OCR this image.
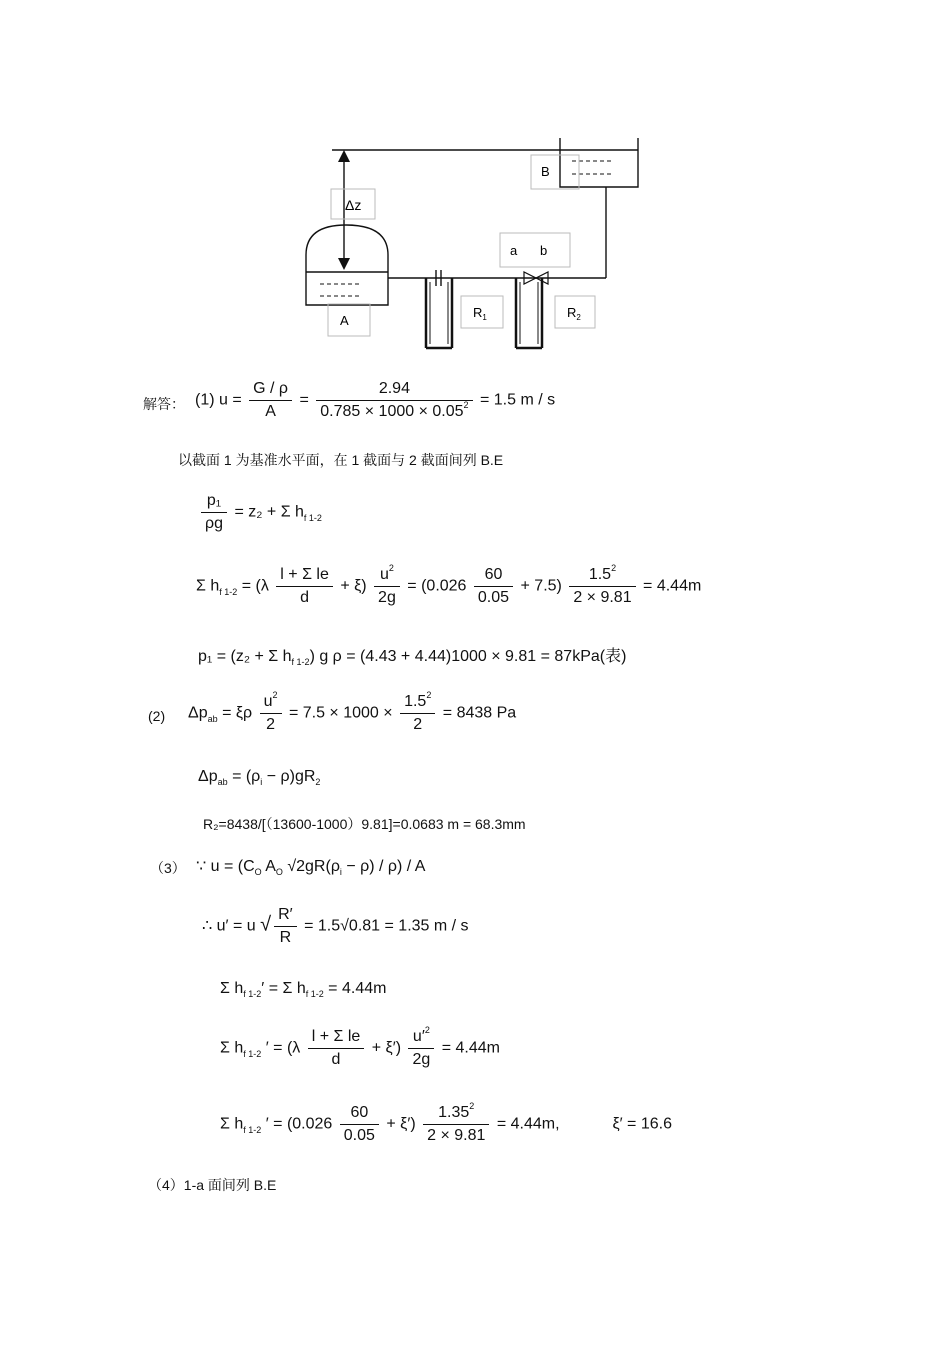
Δz
A
$R_1$
a b
$R_2$
B
解答： (1) $u = \frac{G / \rho}{A} = \frac{2.94}{0.785 \times 1000 \times 0.05^2} = 1.5$ m / s
以截面 1 为基准水平面，在 1 截面与 2 截面间列 B.E
$\frac{\text{p₁}}{\rho g} = z_2 + \Sigma$ $h_{f 1-2}$
Σ $h_{f 1-2} = (\lambda \frac{\text{l + Σ le}}{d} + \xi) \frac{u^2}{2g} = (0.026 \frac{60}{0.05} + 7.5) \frac{1.5^2}{2 \times 9.81} = 4.44m$
p₁ = (z₂ + Σ $h_{f 1-2}$) g ρ = (4.43 + 4.44)1000 × 9.81 = 87kPa(表)
(2) $\Delta p_{ab} = \xi\rho \frac{u^2}{2} = 7.5 \times 1000 \times \frac{1.5^2}{2} = 8438$ Pa
$\Delta p_{ab} = (\rho_i - \rho)gR_2$
R₂=8438/[（13600-1000）9.81]=0.0683 m = 68.3mm
（3） ∵ $u = (C_O$ $A_O$ $√2gR(\rho_i - \rho) / \rho) / A$
∴ u′ = u √ $\frac{R'}{R} = 1.5√0.81 = 1.35$ m / s
Σ $h_{f 1-2}' = \Sigma$ $h_{f 1-2} = 4.44m$
Σ $h_{f 1-2}$ ′ = $(\lambda \frac{\text{l + Σ le}}{d} + \xi') \frac{u'^2}{2g} = 4.44m$
Σ $h_{f 1-2}$ ′ = $(0.026 \frac{60}{0.05} + \xi') \frac{1.35^2}{2 \times 9.81} = 4.44m$,	ξ′ = 16.6
（4）1-a 面间列 B.E
